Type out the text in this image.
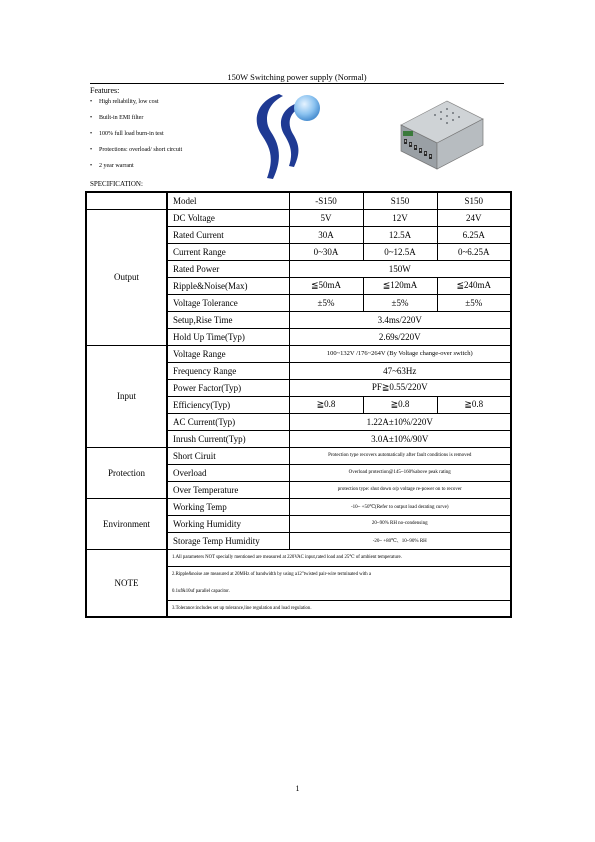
150W Switching power supply (Normal)
Features:
• High reliability, low cost
• Built-in EMI filter
• 100% full load burn-in test
• Protections: overload/ short circuit
• 2 year warrant
SPECIFICATION:
	Model	-S150	S150	S150
Output	DC Voltage	5V	12V	24V
	Rated Current	30A	12.5A	6.25A
	Current Range	0~30A	0~12.5A	0~6.25A
	Rated Power	150W		
	Ripple&Noise(Max)	≦50mA	≦120mA	≦240mA
	Voltage Tolerance	±5%	±5%	±5%
	Setup,Rise Time	3.4ms/220V		
	Hold Up Time(Typ)	2.69s/220V		
Input	Voltage Range	100~132V /176~264V (By Voltage change-over switch)		
	Frequency Range	47~63Hz		
	Power Factor(Typ)	PF≧0.55/220V		
	Efficiency(Typ)	≧0.8	≧0.8	≧0.8
	AC Current(Typ)	1.22A±10%/220V		
	Inrush Current(Typ)	3.0A±10%/90V		
Protection	Short Ciruit	Protection type recovers automatically after fault conditions is removed		
	Overload	Overload protection@145~160%above peak rating		
	Over Temperature	protection type: shut down o/p voltage re-power on to recover		
Environment	Working Temp	-10~ +50℃(Refer to output load derating curve)		
	Working Humidity	20~90% RH no-condensing		
	Storage Temp Humidity	-20~ +80℃、10~90% RH		
NOTE	1.All parameters NOT specially mentioned are measured at 220VAC input,rated load and 25℃ of ambient temperature.			
	2.Ripple&noise are measured at 20MHz of bandwidth by using a12"twisted pair-wire terminated with a			
	0.1uf&10uf parallel capacitor.			
	3.Tolerance:includes set up tolerance,line regulation and load regulation.			
1
